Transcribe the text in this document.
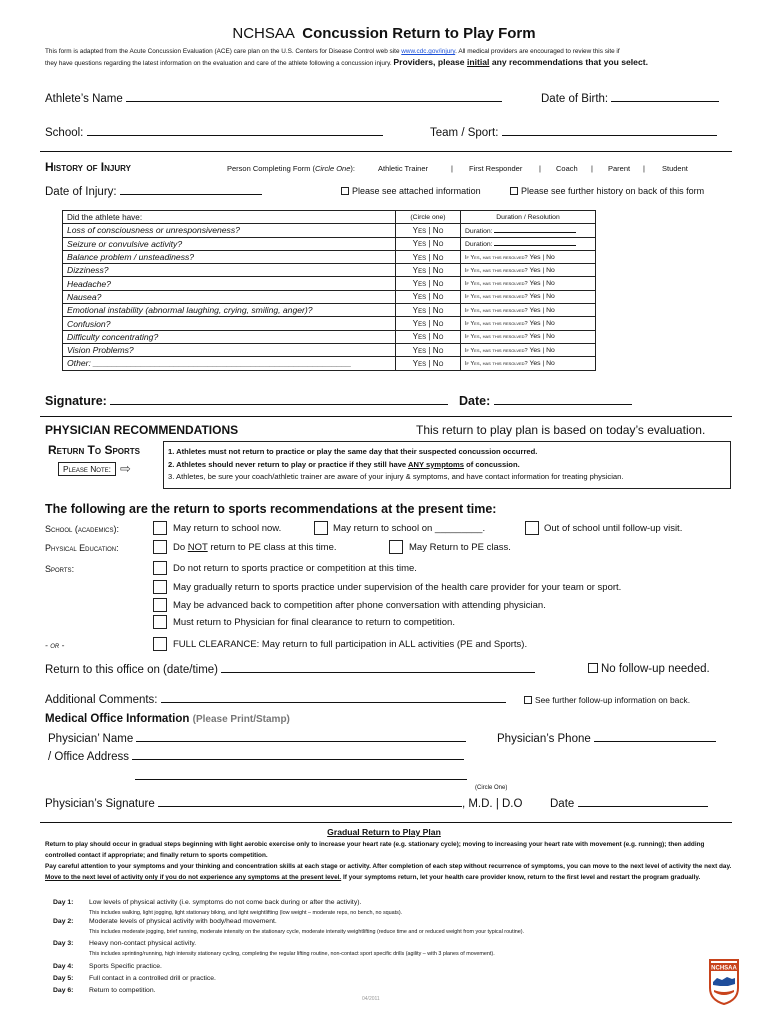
NCHSAA Concussion Return to Play Form
This form is adapted from the Acute Concussion Evaluation (ACE) care plan on the U.S. Centers for Disease Control web site www.cdc.gov/injury. All medical providers are encouraged to review this site if
they have questions regarding the latest information on the evaluation and care of the athlete following a concussion injury. Providers, please initial any recommendations that you select.
Athlete’s Name	Date of Birth:
School:	Team / Sport:
History of Injury	Person Completing Form (Circle One):	Athletic Trainer	| First Responder | Coach | Parent | Student
Date of Injury:	Please see attached information	Please see further history on back of this form
Did the athlete have:	(Circle one)	Duration / Resolution
Loss of consciousness or unresponsiveness?	Yes | No	Duration:
Seizure or convulsive activity?	Yes | No	Duration:
Balance problem / unsteadiness?	Yes | No	If Yes, has this resolved? Yes | No
Dizziness?	Yes | No	If Yes, has this resolved? Yes | No
Headache?	Yes | No	If Yes, has this resolved? Yes | No
Nausea?	Yes | No	If Yes, has this resolved? Yes | No
Emotional instability (abnormal laughing, crying, smiling, anger)?	Yes | No	If Yes, has this resolved? Yes | No
Confusion?	Yes | No	If Yes, has this resolved? Yes | No
Difficulty concentrating?	Yes | No	If Yes, has this resolved? Yes | No
Vision Problems?	Yes | No	If Yes, has this resolved? Yes | No
Other: ______________________________________________________	Yes | No	If Yes, has this resolved? Yes | No
Signature:	Date:
PHYSICIAN RECOMMENDATIONS	This return to play plan is based on today’s evaluation.
Return To Sports
Please Note: ⇨
1. Athletes must not return to practice or play the same day that their suspected concussion occurred.
2. Athletes should never return to play or practice if they still have ANY symptoms of concussion.
3. Athletes, be sure your coach/athletic trainer are aware of your injury & symptoms, and have contact information for treating physician.
The following are the return to sports recommendations at the present time:
School (academics):	May return to school now.	May return to school on _________.	Out of school until follow-up visit.
Physical Education:	Do NOT return to PE class at this time.	May Return to PE class.
Sports:	Do not return to sports practice or competition at this time.
May gradually return to sports practice under supervision of the health care provider for your team or sport.
May be advanced back to competition after phone conversation with attending physician.
Must return to Physician for final clearance to return to competition.
- or -	FULL CLEARANCE: May return to full participation in ALL activities (PE and Sports).
Return to this office on (date/time)	No follow-up needed.
Additional Comments:	See further follow-up information on back.
Medical Office Information (Please Print/Stamp)
Physician’ Name	Physician’s Phone
/ Office Address
(Circle One)
Physician’s Signature	, M.D. | D.O Date
Gradual Return to Play Plan
Return to play should occur in gradual steps beginning with light aerobic exercise only to increase your heart rate (e.g. stationary cycle); moving to increasing your heart rate with movement (e.g. running); then adding controlled contact if appropriate; and finally return to sports competition.
Pay careful attention to your symptoms and your thinking and concentration skills at each stage or activity. After completion of each step without recurrence of symptoms, you can move to the next level of activity the next day. Move to the next level of activity only if you do not experience any symptoms at the present level. If your symptoms return, let your health care provider know, return to the first level and restart the program gradually.
Day 1: Low levels of physical activity (i.e. symptoms do not come back during or after the activity).
This includes walking, light jogging, light stationary biking, and light weightlifting (low weight – moderate reps, no bench, no squats).
Day 2: Moderate levels of physical activity with body/head movement.
This includes moderate jogging, brief running, moderate intensity on the stationary cycle, moderate intensity weightlifting (reduce time and or reduced weight from your typical routine).
Day 3: Heavy non-contact physical activity.
This includes sprinting/running, high intensity stationary cycling, completing the regular lifting routine, non-contact sport specific drills (agility – with 3 planes of movement).
Day 4: Sports Specific practice.
Day 5: Full contact in a controlled drill or practice.
Day 6: Return to competition.
04/2011
NCHSAA
